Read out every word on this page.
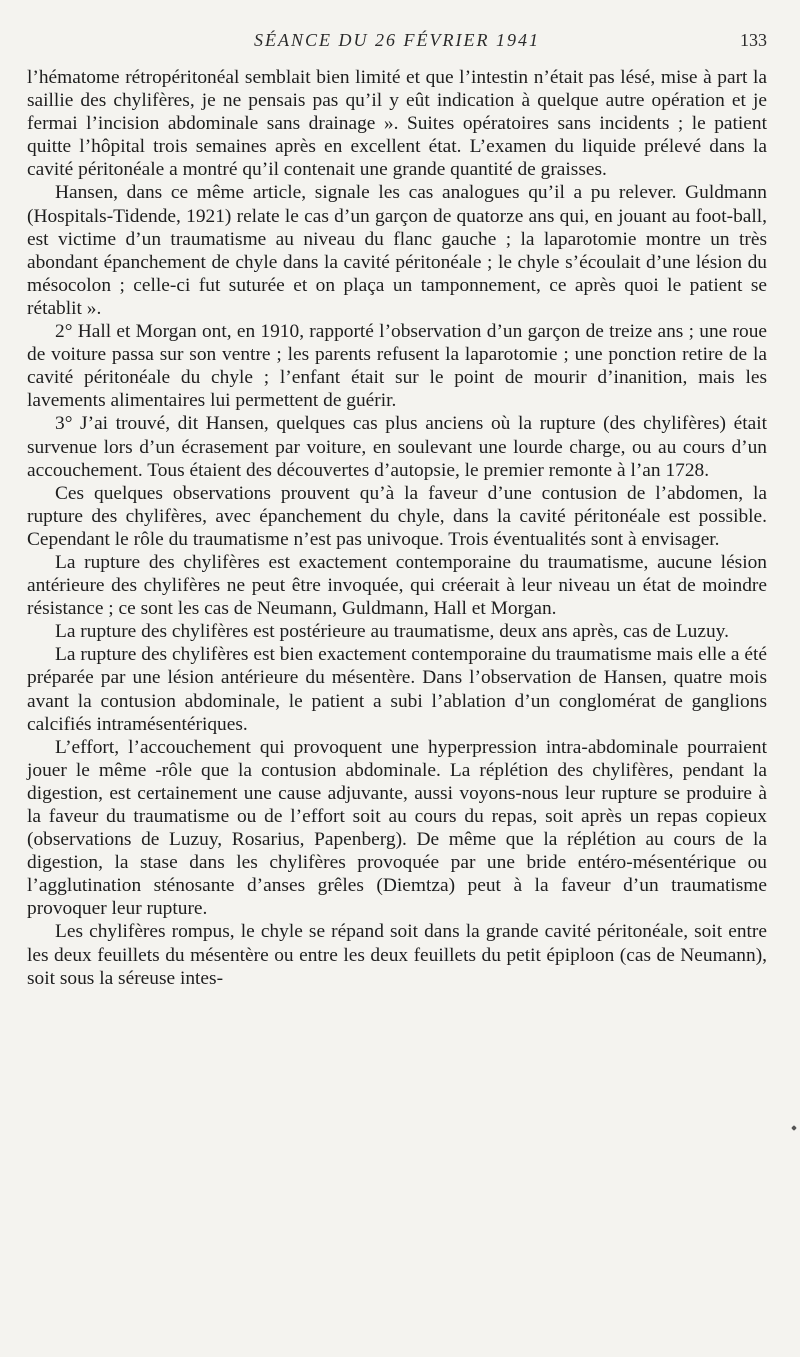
SÉANCE DU 26 FÉVRIER 1941	133

l’hématome rétropéritonéal semblait bien limité et que l’intestin n’était pas lésé, mise à part la saillie des chylifères, je ne pensais pas qu’il y eût indication à quelque autre opération et je fermai l’incision abdominale sans drainage ». Suites opératoires sans incidents ; le patient quitte l’hôpital trois semaines après en excellent état. L’examen du liquide prélevé dans la cavité péritonéale a montré qu’il contenait une grande quantité de graisses.

Hansen, dans ce même article, signale les cas analogues qu’il a pu relever. Guldmann (Hospitals-Tidende, 1921) relate le cas d’un garçon de quatorze ans qui, en jouant au foot-ball, est victime d’un traumatisme au niveau du flanc gauche ; la laparotomie montre un très abondant épanchement de chyle dans la cavité péritonéale ; le chyle s’écoulait d’une lésion du mésocolon ; celle-ci fut suturée et on plaça un tamponnement, ce après quoi le patient se rétablit ».

2° Hall et Morgan ont, en 1910, rapporté l’observation d’un garçon de treize ans ; une roue de voiture passa sur son ventre ; les parents refusent la laparotomie ; une ponction retire de la cavité péritonéale du chyle ; l’enfant était sur le point de mourir d’inanition, mais les lavements alimentaires lui permettent de guérir.

3° J’ai trouvé, dit Hansen, quelques cas plus anciens où la rupture (des chylifères) était survenue lors d’un écrasement par voiture, en soulevant une lourde charge, ou au cours d’un accouchement. Tous étaient des découvertes d’autopsie, le premier remonte à l’an 1728.

Ces quelques observations prouvent qu’à la faveur d’une contusion de l’abdomen, la rupture des chylifères, avec épanchement du chyle, dans la cavité péritonéale est possible. Cependant le rôle du traumatisme n’est pas univoque. Trois éventualités sont à envisager.

La rupture des chylifères est exactement contemporaine du traumatisme, aucune lésion antérieure des chylifères ne peut être invoquée, qui créerait à leur niveau un état de moindre résistance ; ce sont les cas de Neumann, Guldmann, Hall et Morgan.

La rupture des chylifères est postérieure au traumatisme, deux ans après, cas de Luzuy.

La rupture des chylifères est bien exactement contemporaine du traumatisme mais elle a été préparée par une lésion antérieure du mésentère. Dans l’observation de Hansen, quatre mois avant la contusion abdominale, le patient a subi l’ablation d’un conglomérat de ganglions calcifiés intramésentériques.

L’effort, l’accouchement qui provoquent une hyperpression intra-abdominale pourraient jouer le même -rôle que la contusion abdominale. La réplétion des chylifères, pendant la digestion, est certainement une cause adjuvante, aussi voyons-nous leur rupture se produire à la faveur du traumatisme ou de l’effort soit au cours du repas, soit après un repas copieux (observations de Luzuy, Rosarius, Papenberg). De même que la réplétion au cours de la digestion, la stase dans les chylifères provoquée par une bride entéro-mésentérique ou l’agglutination sténosante d’anses grêles (Diemtza) peut à la faveur d’un traumatisme provoquer leur rupture.

Les chylifères rompus, le chyle se répand soit dans la grande cavité péritonéale, soit entre les deux feuillets du mésentère ou entre les deux feuillets du petit épiploon (cas de Neumann), soit sous la séreuse intes-
